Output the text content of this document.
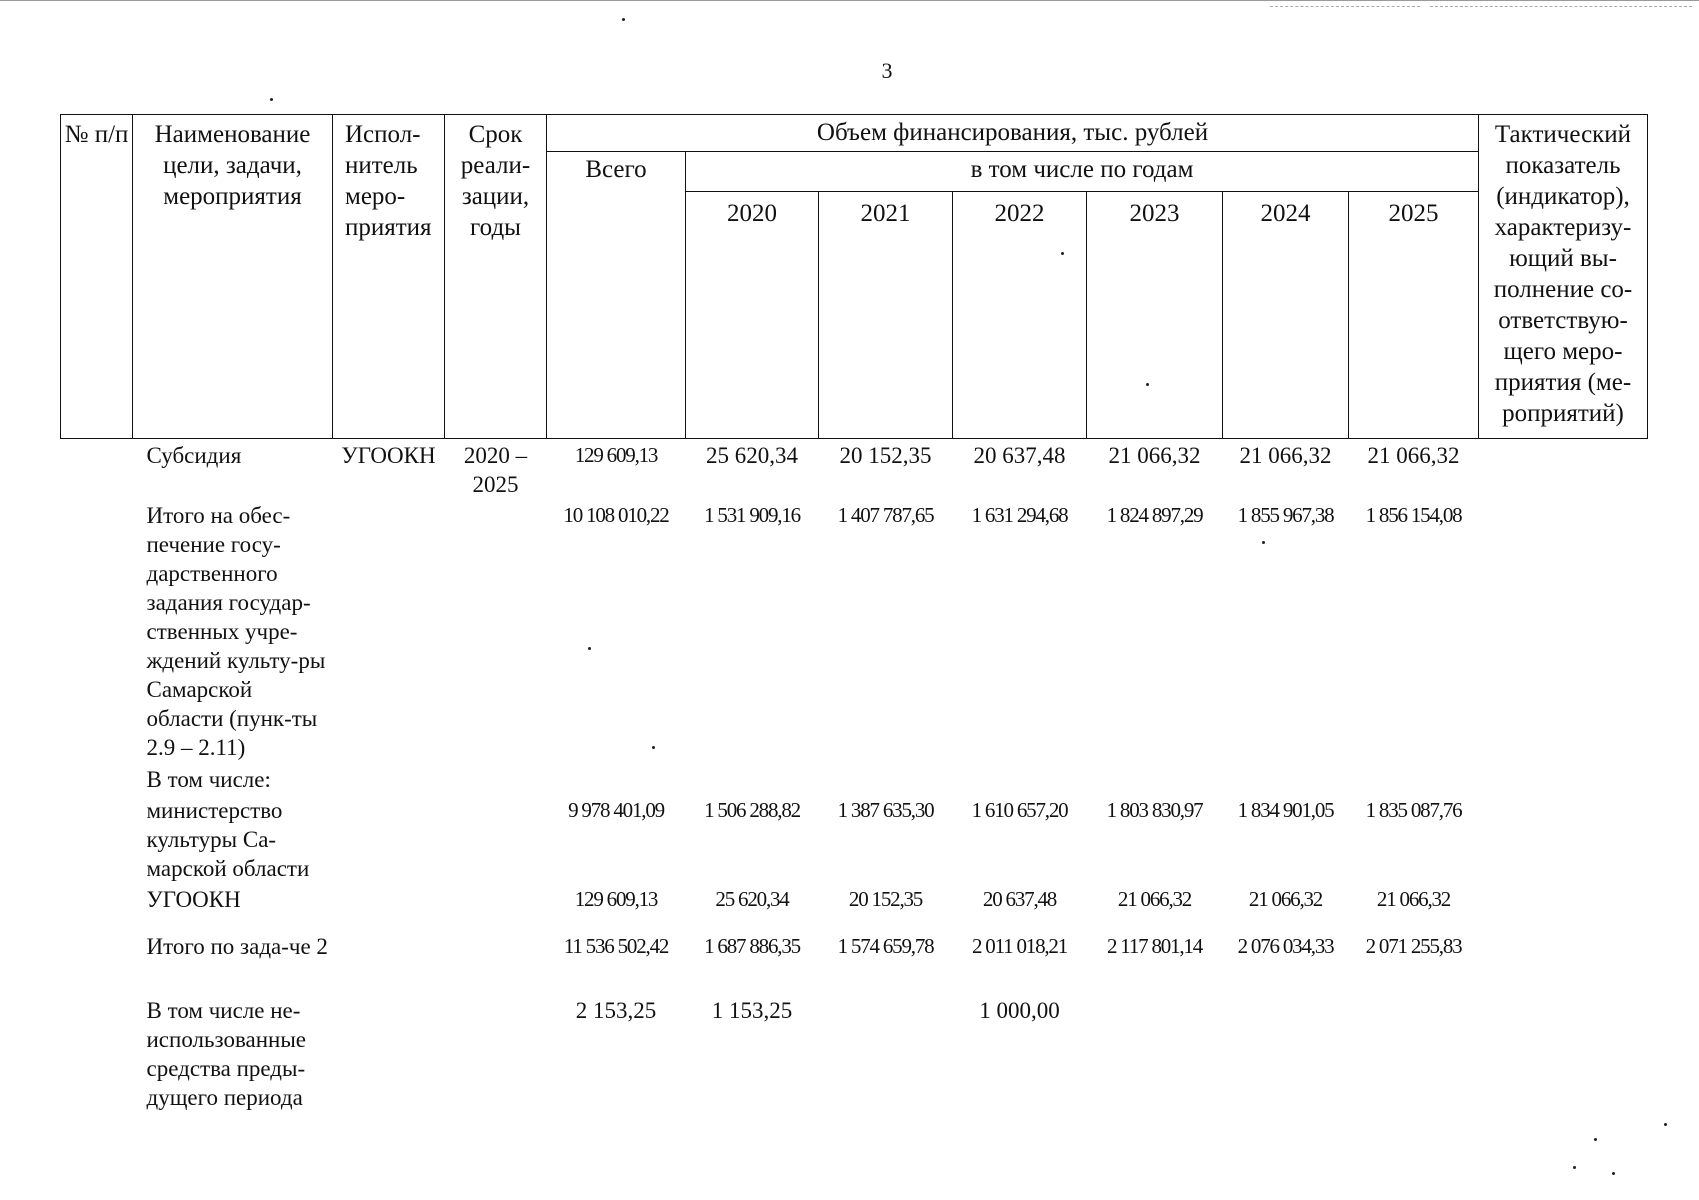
3
№ п/п	Наименование цели, задачи, мероприятия	Испол-нитель меро-приятия	Срок реали-зации, годы	Объем финансирования, тыс. рублей							Тактический показатель (индикатор), характеризу-ющий вы-полнение со-ответствую-щего меро-приятия (ме-роприятий)
				Всего	в том числе по годам						
					2020	2021	2022	2023	2024	2025	
	Субсидия	УГООКН	2020 – 2025	129 609,13	25 620,34	20 152,35	20 637,48	21 066,32	21 066,32	21 066,32	
	Итого на обес-печение госу-дарственного задания государ-ственных учре-ждений культу-ры Самарской области (пунк-ты 2.9 – 2.11)			10 108 010,22	1 531 909,16	1 407 787,65	1 631 294,68	1 824 897,29	1 855 967,38	1 856 154,08	
	В том числе:										
	министерство культуры Са-марской области			9 978 401,09	1 506 288,82	1 387 635,30	1 610 657,20	1 803 830,97	1 834 901,05	1 835 087,76	
	УГООКН			129 609,13	25 620,34	20 152,35	20 637,48	21 066,32	21 066,32	21 066,32	
	Итого по зада-че 2			11 536 502,42	1 687 886,35	1 574 659,78	2 011 018,21	2 117 801,14	2 076 034,33	2 071 255,83	
	В том числе не-использованные средства преды-дущего периода			2 153,25	1 153,25		1 000,00				
